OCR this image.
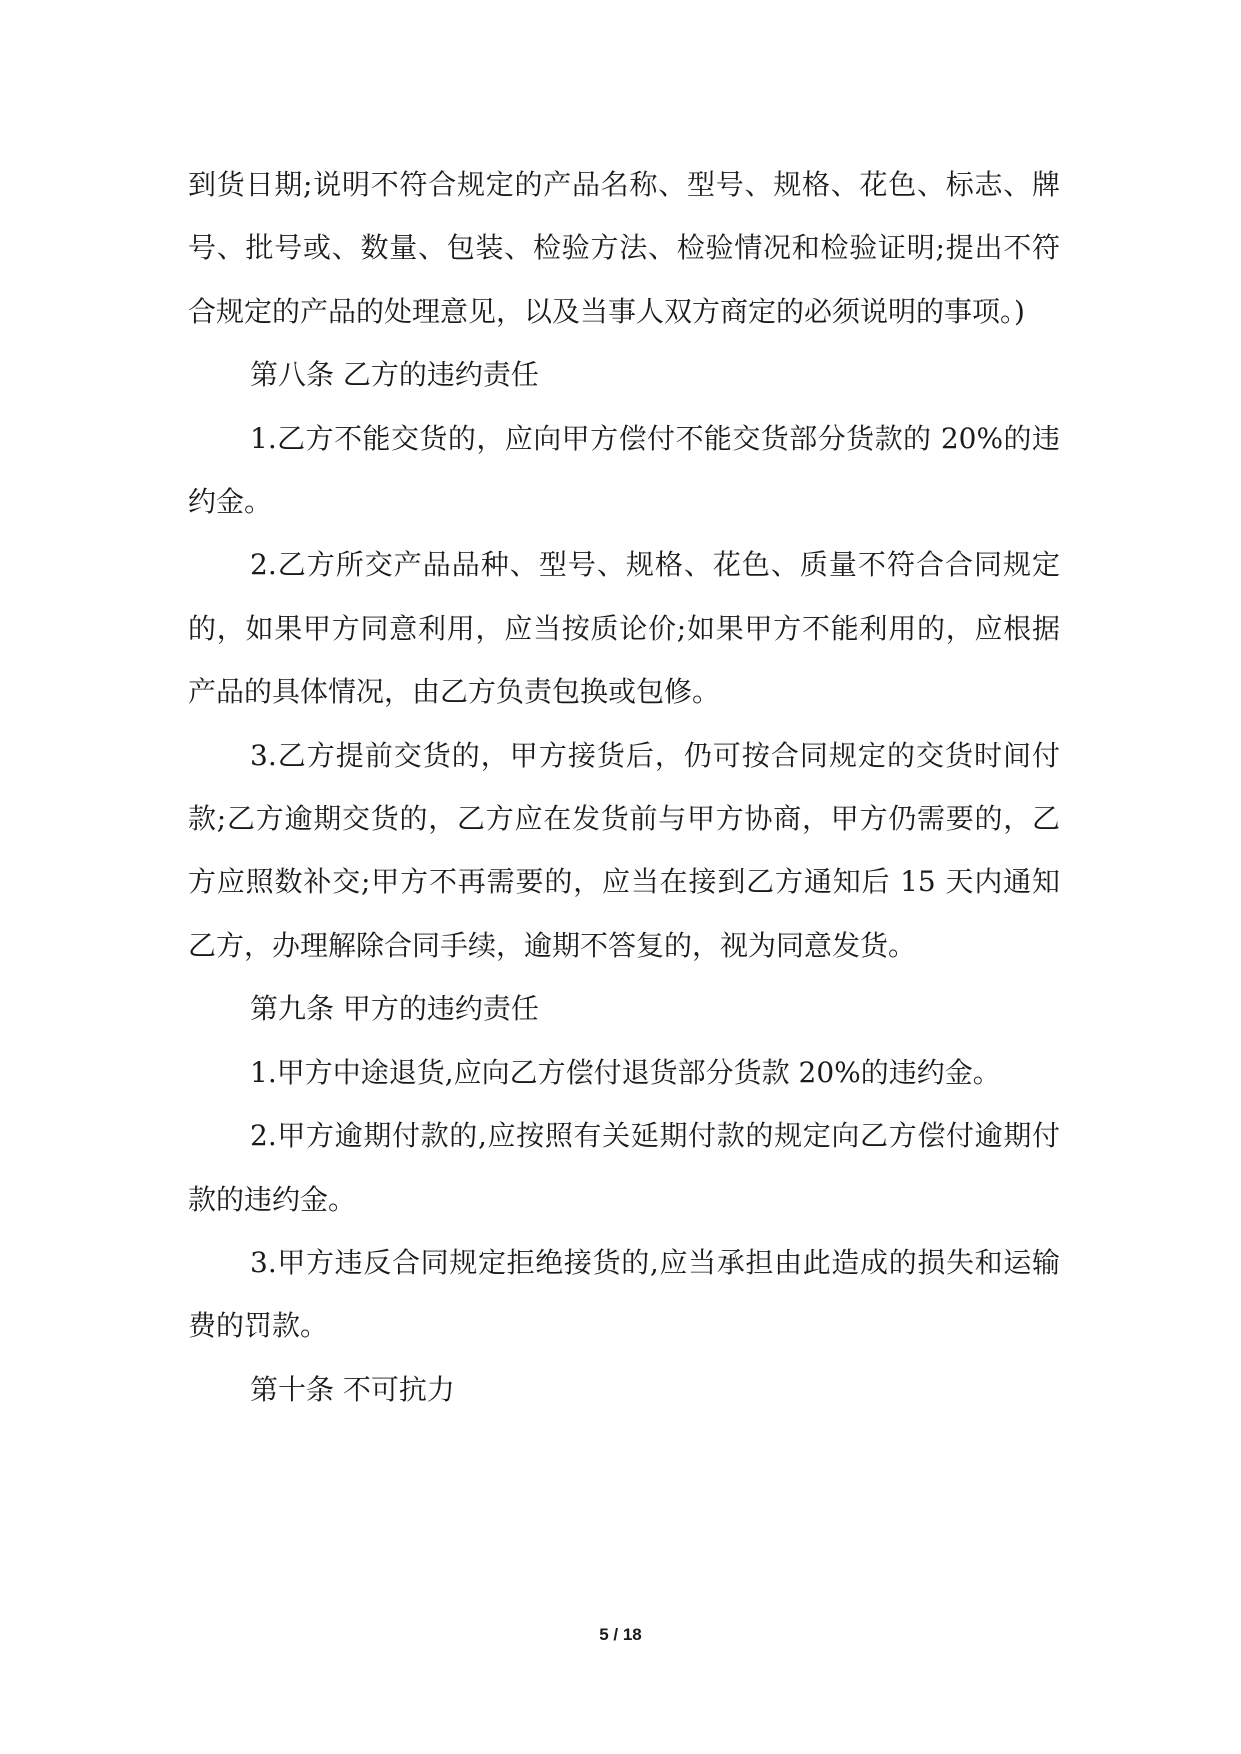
到货日期;说明不符合规定的产品名称、型号、规格、花色、标志、牌号、批号或、数量、包装、检验方法、检验情况和检验证明;提出不符合规定的产品的处理意见，以及当事人双方商定的必须说明的事项。)

第八条 乙方的违约责任

1.乙方不能交货的，应向甲方偿付不能交货部分货款的 20%的违约金。

2.乙方所交产品品种、型号、规格、花色、质量不符合合同规定的，如果甲方同意利用，应当按质论价;如果甲方不能利用的，应根据产品的具体情况，由乙方负责包换或包修。

3.乙方提前交货的，甲方接货后，仍可按合同规定的交货时间付款;乙方逾期交货的，乙方应在发货前与甲方协商，甲方仍需要的，乙方应照数补交;甲方不再需要的，应当在接到乙方通知后 15 天内通知乙方，办理解除合同手续，逾期不答复的，视为同意发货。

第九条 甲方的违约责任

1.甲方中途退货,应向乙方偿付退货部分货款 20%的违约金。

2.甲方逾期付款的,应按照有关延期付款的规定向乙方偿付逾期付款的违约金。

3.甲方违反合同规定拒绝接货的,应当承担由此造成的损失和运输费的罚款。

第十条 不可抗力

5 / 18
